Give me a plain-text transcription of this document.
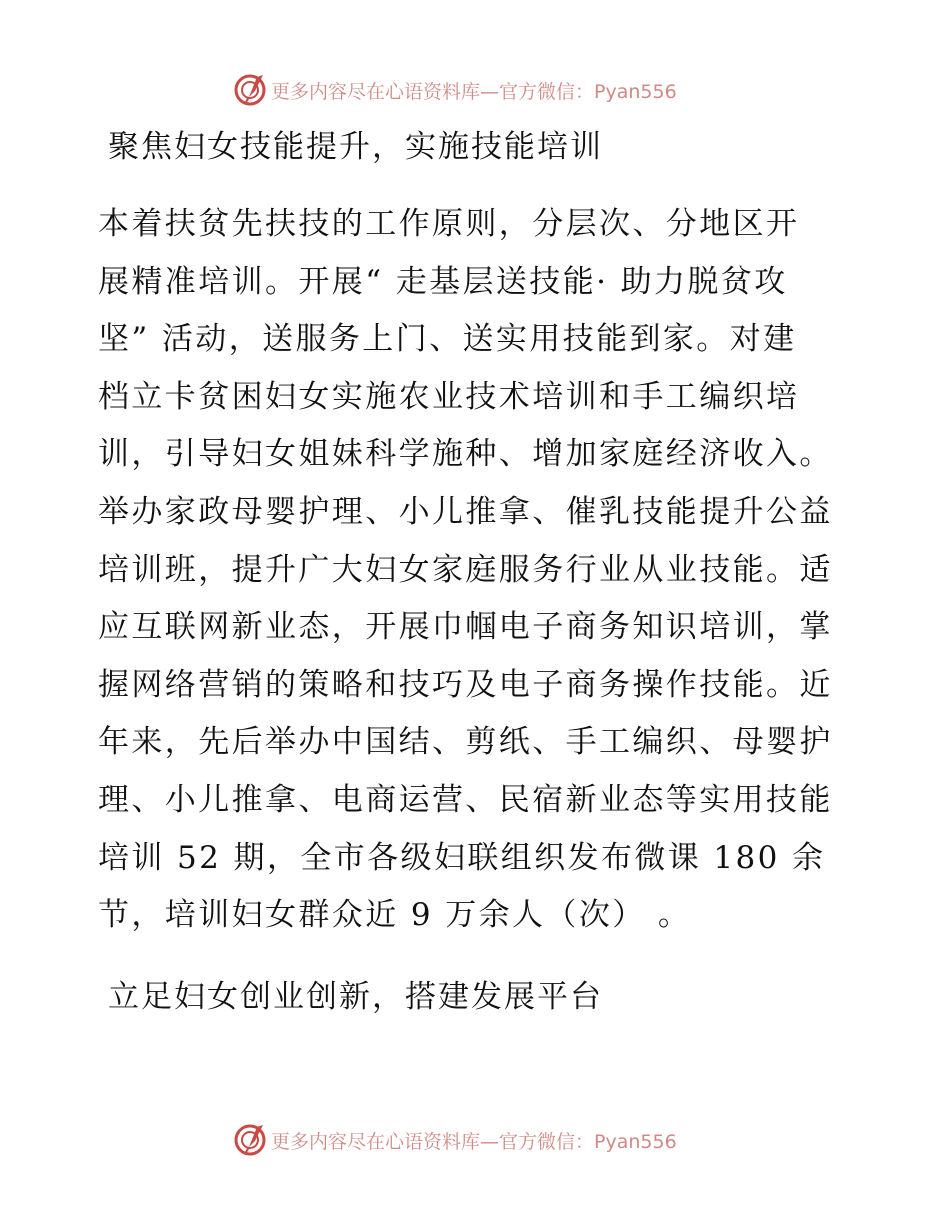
更多内容尽在心语资料库—官方微信：Pyan556
聚焦妇女技能提升，实施技能培训
本着扶贫先扶技的工作原则，分层次、分地区开
展精准培训。开展“ 走基层送技能· 助力脱贫攻
坚” 活动，送服务上门、送实用技能到家。对建
档立卡贫困妇女实施农业技术培训和手工编织培
训，引导妇女姐妹科学施种、增加家庭经济收入。
举办家政母婴护理、小儿推拿、催乳技能提升公益
培训班，提升广大妇女家庭服务行业从业技能。适
应互联网新业态，开展巾帼电子商务知识培训，掌
握网络营销的策略和技巧及电子商务操作技能。近
年来，先后举办中国结、剪纸、手工编织、母婴护
理、小儿推拿、电商运营、民宿新业态等实用技能
培训 52 期，全市各级妇联组织发布微课 180 余
节，培训妇女群众近 9 万余人（次） 。
立足妇女创业创新，搭建发展平台
更多内容尽在心语资料库—官方微信：Pyan556
